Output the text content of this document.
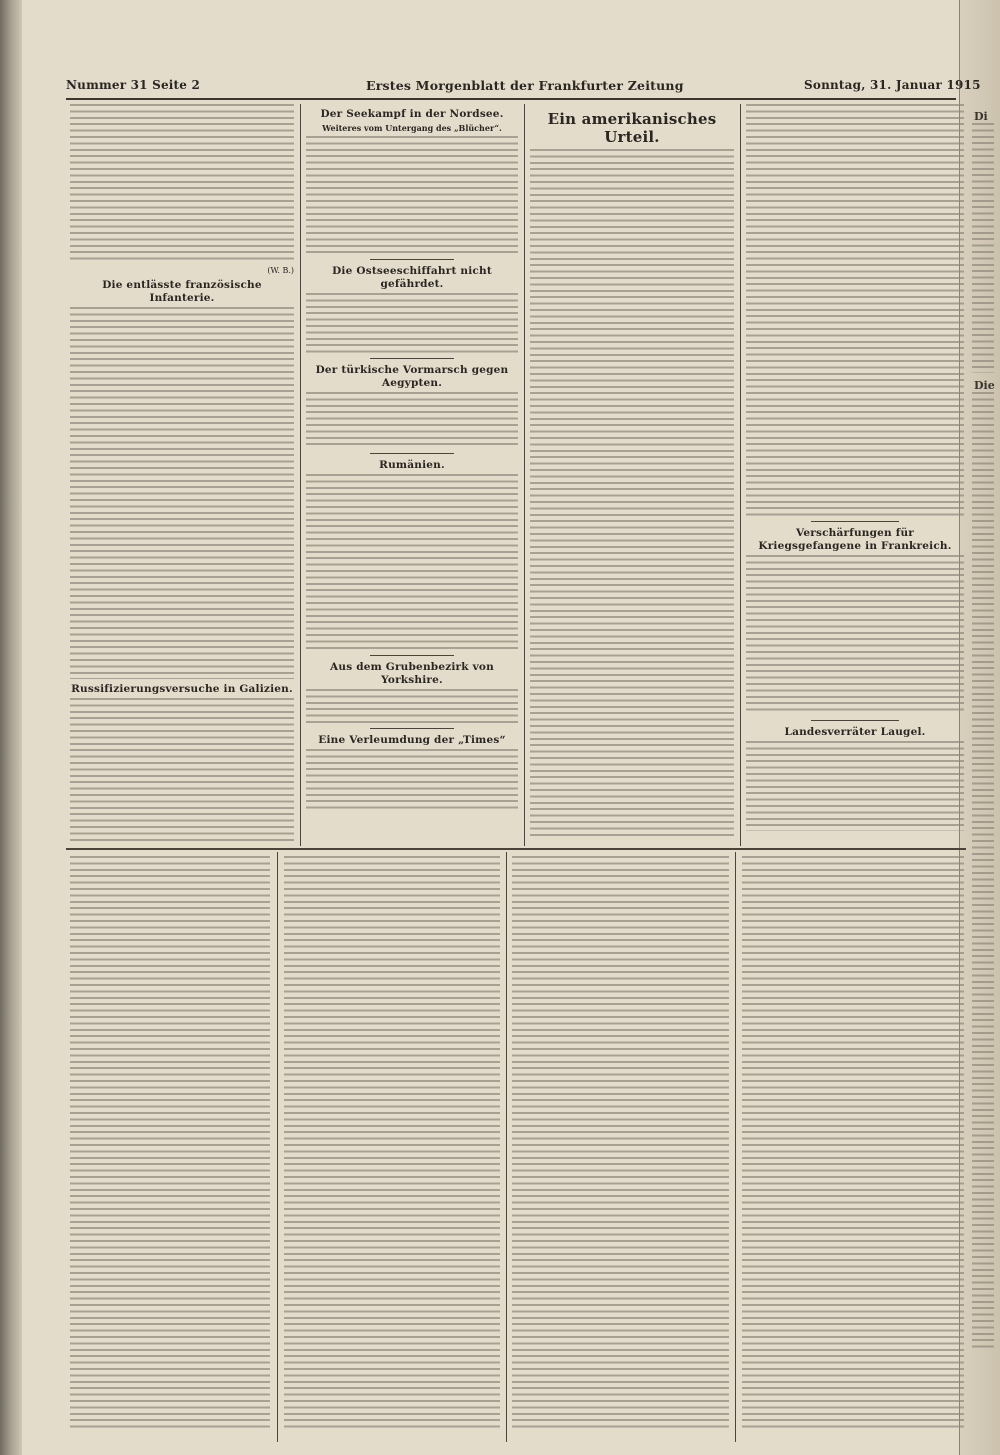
Nummer 31 Seite 2	Erstes Morgenblatt der Frankfurter Zeitung	Sonntag, 31. Januar 1915
(W. B.)
Die entlässte französische Infanterie.
Russifizierungsversuche in Galizien.
Der Seekampf in der Nordsee.
Weiteres vom Untergang des „Blücher“.
Die Ostseeschiffahrt nicht gefährdet.
Der türkische Vormarsch gegen Aegypten.
Rumänien.
Aus dem Grubenbezirk von Yorkshire.
Eine Verleumdung der „Times“
Ein amerikanisches Urteil.
Verschärfungen für Kriegsgefangene in Frankreich.
Landesverräter Laugel.
Di
Die
